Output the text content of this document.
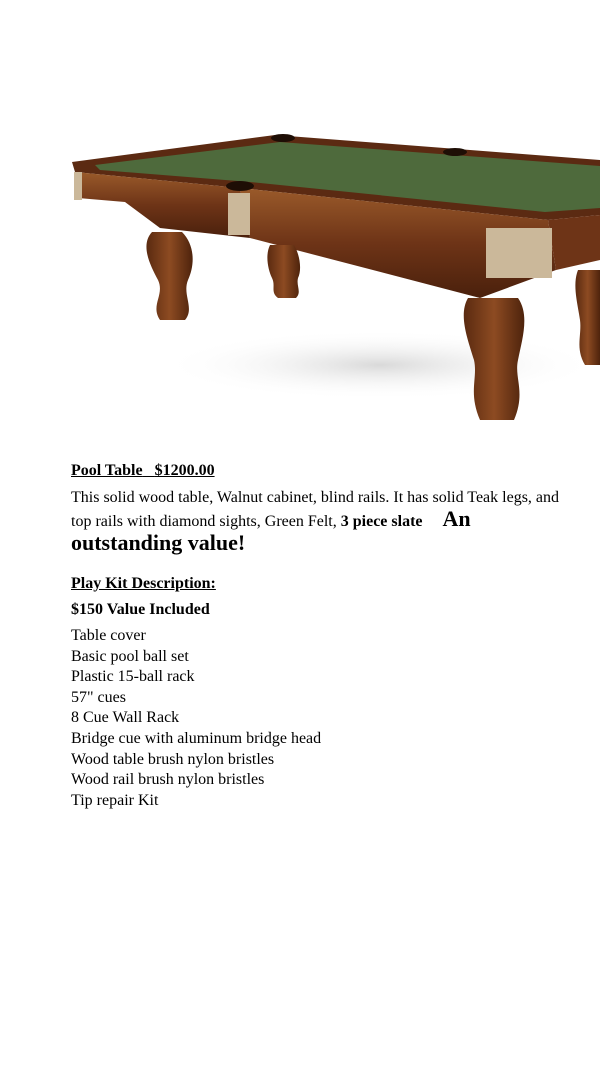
Pool Table $1200.00

This solid wood table, Walnut cabinet, blind rails. It has solid Teak legs, and top rails with diamond sights, Green Felt, 3 piece slate An outstanding value!

Play Kit Description:
$150 Value Included
Table cover
Basic pool ball set
Plastic 15-ball rack
57" cues
8 Cue Wall Rack
Bridge cue with aluminum bridge head
Wood table brush nylon bristles
Wood rail brush nylon bristles
Tip repair Kit
